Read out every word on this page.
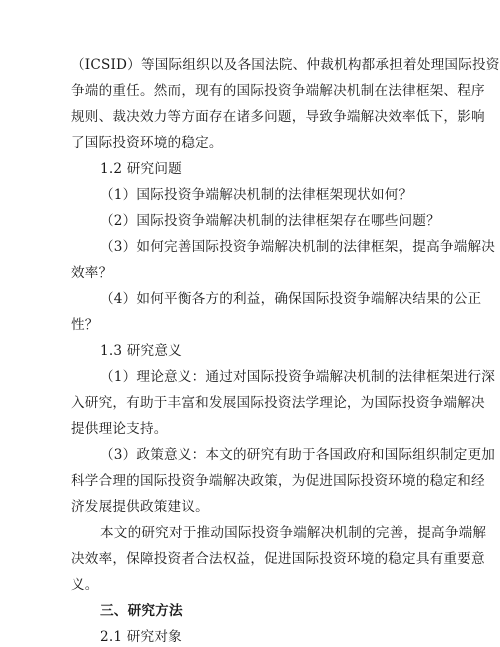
（ICSID）等国际组织以及各国法院、仲裁机构都承担着处理国际投资
争端的重任。然而，现有的国际投资争端解决机制在法律框架、程序
规则、裁决效力等方面存在诸多问题，导致争端解决效率低下，影响
了国际投资环境的稳定。
1.2 研究问题
（1）国际投资争端解决机制的法律框架现状如何？
（2）国际投资争端解决机制的法律框架存在哪些问题？
（3）如何完善国际投资争端解决机制的法律框架，提高争端解决
效率？
（4）如何平衡各方的利益，确保国际投资争端解决结果的公正
性？
1.3 研究意义
（1）理论意义：通过对国际投资争端解决机制的法律框架进行深
入研究，有助于丰富和发展国际投资法学理论，为国际投资争端解决
提供理论支持。
（3）政策意义：本文的研究有助于各国政府和国际组织制定更加
科学合理的国际投资争端解决政策，为促进国际投资环境的稳定和经
济发展提供政策建议。
本文的研究对于推动国际投资争端解决机制的完善，提高争端解
决效率，保障投资者合法权益，促进国际投资环境的稳定具有重要意
义。
三、研究方法
2.1 研究对象
